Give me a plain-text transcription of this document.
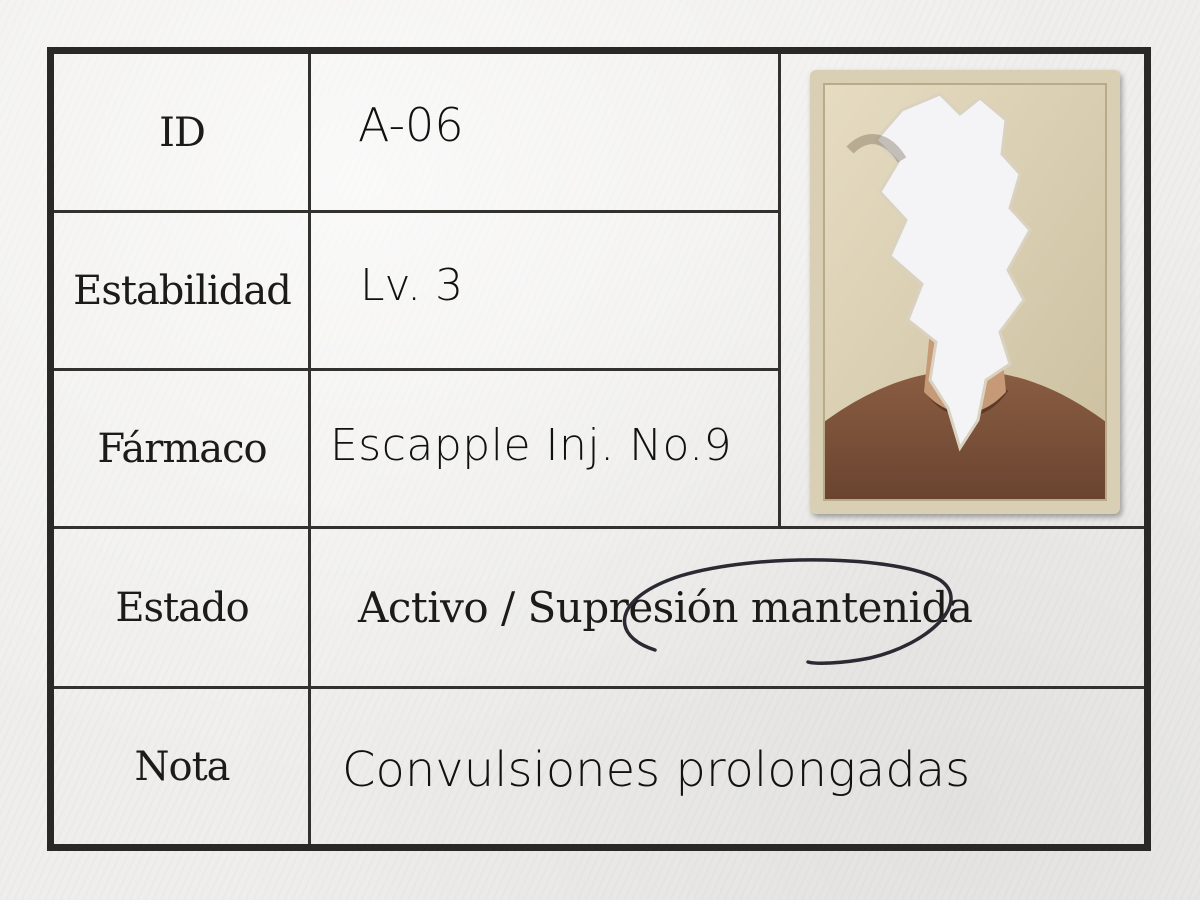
ID
Estabilidad
Fármaco
Estado
Nota
A-06
Lv. 3
Escapple Inj. No.9
Activo / Supresión mantenida
Convulsiones prolongadas
